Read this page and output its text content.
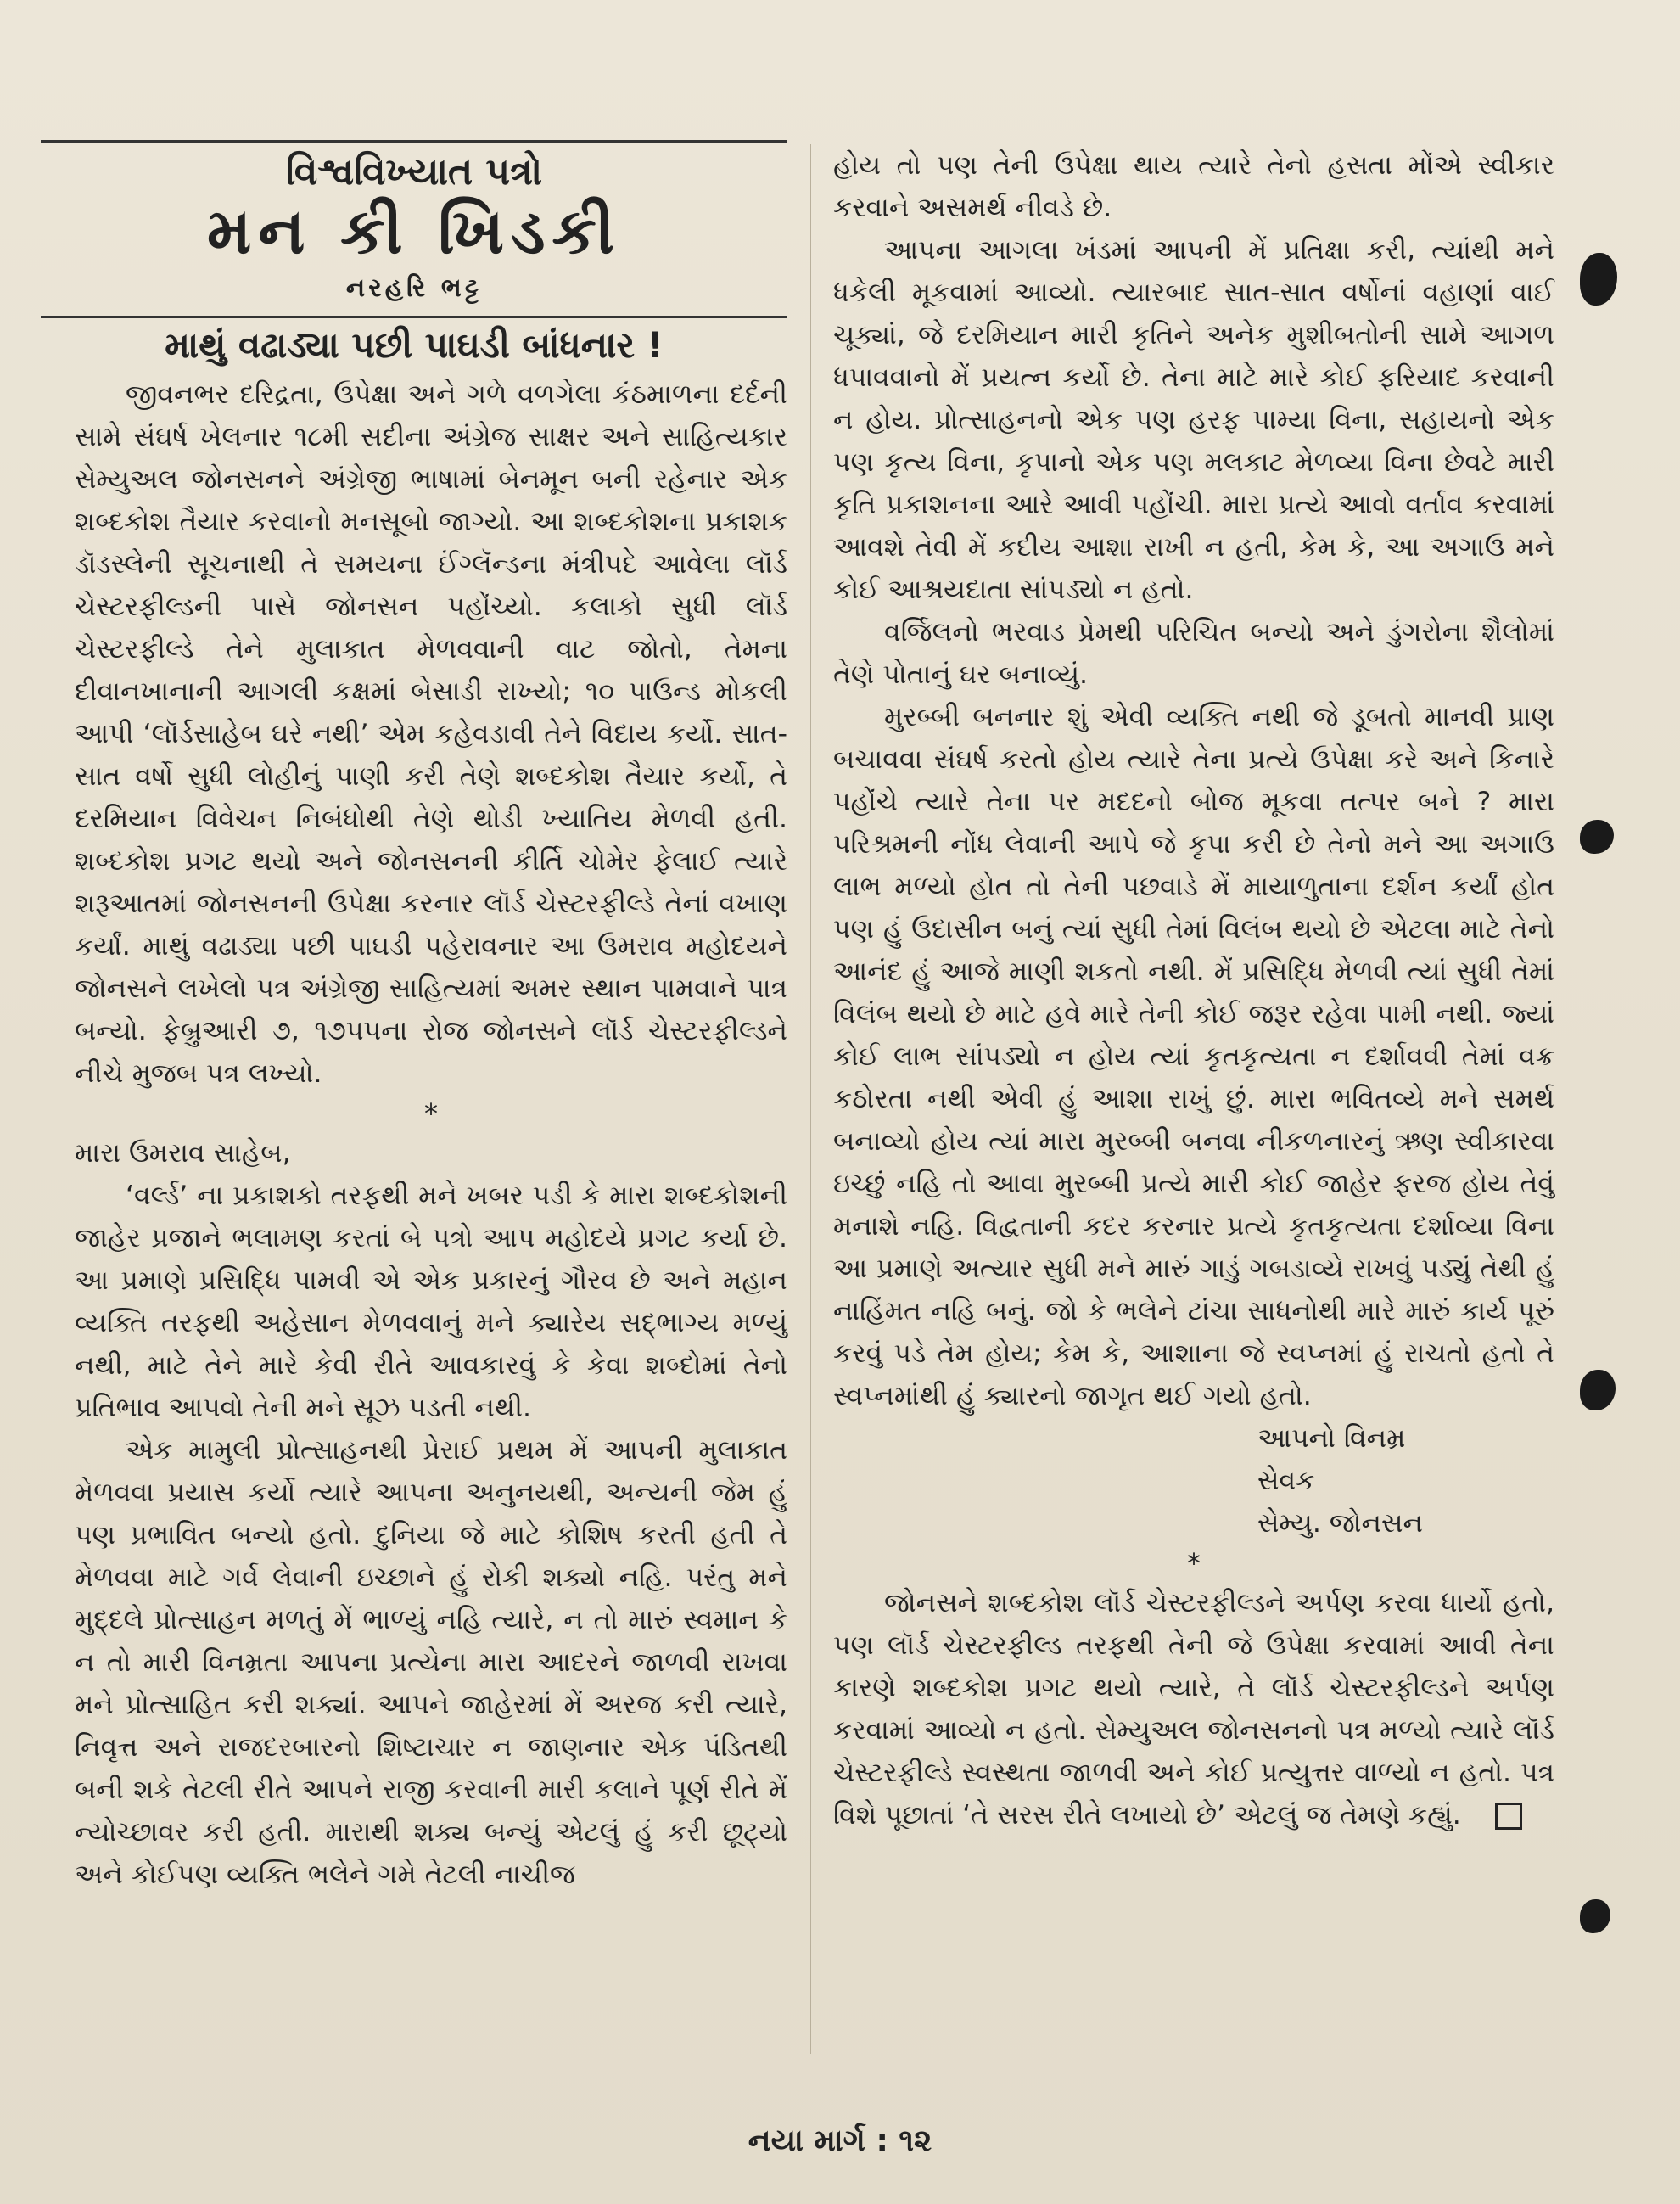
વિશ્વવિખ્યાત પત્રો
મન કી ખિડકી
નરહરિ ભટ્ટ
માથું વઢાડ્યા પછી પાઘડી બાંધનાર !

જીવનભર દરિદ્રતા, ઉપેક્ષા અને ગળે વળગેલા કંઠમાળના દર્દની સામે સંઘર્ષ ખેલનાર ૧૮મી સદીના અંગ્રેજ સાક્ષર અને સાહિત્યકાર સેમ્યુઅલ જોનસનને અંગ્રેજી ભાષામાં બેનમૂન બની રહેનાર એક શબ્દકોશ તૈયાર કરવાનો મનસૂબો જાગ્યો. આ શબ્દકોશના પ્રકાશક ડૉડસ્લેની સૂચનાથી તે સમયના ઈંગ્લૅન્ડના મંત્રીપદે આવેલા લૉર્ડ ચેસ્ટરફીલ્ડની પાસે જોનસન પહોંચ્યો. કલાકો સુધી લૉર્ડ ચેસ્ટરફીલ્ડે તેને મુલાકાત મેળવવાની વાટ જોતો, તેમના દીવાનખાનાની આગલી કક્ષમાં બેસાડી રાખ્યો; ૧૦ પાઉન્ડ મોકલી આપી ‘લૉર્ડસાહેબ ઘરે નથી’ એમ કહેવડાવી તેને વિદાય કર્યો. સાત-સાત વર્ષો સુધી લોહીનું પાણી કરી તેણે શબ્દકોશ તૈયાર કર્યો, તે દરમિયાન વિવેચન નિબંધોથી તેણે થોડી ખ્યાતિય મેળવી હતી. શબ્દકોશ પ્રગટ થયો અને જોનસનની કીર્તિ ચોમેર ફેલાઈ ત્યારે શરૂઆતમાં જોનસનની ઉપેક્ષા કરનાર લૉર્ડ ચેસ્ટરફીલ્ડે તેનાં વખાણ કર્યાં. માથું વઢાડ્યા પછી પાઘડી પહેરાવનાર આ ઉમરાવ મહોદયને જોનસને લખેલો પત્ર અંગ્રેજી સાહિત્યમાં અમર સ્થાન પામવાને પાત્ર બન્યો. ફેબ્રુઆરી ૭, ૧૭૫૫ના રોજ જોનસને લૉર્ડ ચેસ્ટરફીલ્ડને નીચે મુજબ પત્ર લખ્યો.

*

મારા ઉમરાવ સાહેબ,

‘વર્લ્ડ’ ના પ્રકાશકો તરફથી મને ખબર પડી કે મારા શબ્દકોશની જાહેર પ્રજાને ભલામણ કરતાં બે પત્રો આપ મહોદયે પ્રગટ કર્યા છે. આ પ્રમાણે પ્રસિદ્ધિ પામવી એ એક પ્રકારનું ગૌરવ છે અને મહાન વ્યક્તિ તરફથી અહેસાન મેળવવાનું મને ક્યારેય સદ્ભાગ્ય મળ્યું નથી, માટે તેને મારે કેવી રીતે આવકારવું કે કેવા શબ્દોમાં તેનો પ્રતિભાવ આપવો તેની મને સૂઝ પડતી નથી.

એક મામુલી પ્રોત્સાહનથી પ્રેરાઈ પ્રથમ મેં આપની મુલાકાત મેળવવા પ્રયાસ કર્યો ત્યારે આપના અનુનયથી, અન્યની જેમ હું પણ પ્રભાવિત બન્યો હતો. દુનિયા જે માટે કોશિષ કરતી હતી તે મેળવવા માટે ગર્વ લેવાની ઇચ્છાને હું રોકી શક્યો નહિ. પરંતુ મને મુદ્દલે પ્રોત્સાહન મળતું મેં ભાળ્યું નહિ ત્યારે, ન તો મારું સ્વમાન કે ન તો મારી વિનમ્રતા આપના પ્રત્યેના મારા આદરને જાળવી રાખવા મને પ્રોત્સાહિત કરી શક્યાં. આપને જાહેરમાં મેં અરજ કરી ત્યારે, નિવૃત્ત અને રાજદરબારનો શિષ્ટાચાર ન જાણનાર એક પંડિતથી બની શકે તેટલી રીતે આપને રાજી કરવાની મારી કલાને પૂર્ણ રીતે મેં ન્યોચ્છાવર કરી હતી. મારાથી શક્ય બન્યું એટલું હું કરી છૂટ્યો અને કોઈપણ વ્યક્તિ ભલેને ગમે તેટલી નાચીજ

હોય તો પણ તેની ઉપેક્ષા થાય ત્યારે તેનો હસતા મોંએ સ્વીકાર કરવાને અસમર્થ નીવડે છે.

આપના આગલા ખંડમાં આપની મેં પ્રતિક્ષા કરી, ત્યાંથી મને ધકેલી મૂકવામાં આવ્યો. ત્યારબાદ સાત-સાત વર્ષોનાં વહાણાં વાઈ ચૂક્યાં, જે દરમિયાન મારી કૃતિને અનેક મુશીબતોની સામે આગળ ધપાવવાનો મેં પ્રયત્ન કર્યો છે. તેના માટે મારે કોઈ ફરિયાદ કરવાની ન હોય. પ્રોત્સાહનનો એક પણ હરફ પામ્યા વિના, સહાયનો એક પણ કૃત્ય વિના, કૃપાનો એક પણ મલકાટ મેળવ્યા વિના છેવટે મારી કૃતિ પ્રકાશનના આરે આવી પહોંચી. મારા પ્રત્યે આવો વર્તાવ કરવામાં આવશે તેવી મેં કદીય આશા રાખી ન હતી, કેમ કે, આ અગાઉ મને કોઈ આશ્રયદાતા સાંપડ્યો ન હતો.

વર્જિલનો ભરવાડ પ્રેમથી પરિચિત બન્યો અને ડુંગરોના શૈલોમાં તેણે પોતાનું ઘર બનાવ્યું.

મુરબ્બી બનનાર શું એવી વ્યક્તિ નથી જે ડૂબતો માનવી પ્રાણ બચાવવા સંઘર્ષ કરતો હોય ત્યારે તેના પ્રત્યે ઉપેક્ષા કરે અને કિનારે પહોંચે ત્યારે તેના પર મદદનો બોજ મૂકવા તત્પર બને ? મારા પરિશ્રમની નોંધ લેવાની આપે જે કૃપા કરી છે તેનો મને આ અગાઉ લાભ મળ્યો હોત તો તેની પછવાડે મેં માયાળુતાના દર્શન કર્યાં હોત પણ હું ઉદાસીન બનું ત્યાં સુધી તેમાં વિલંબ થયો છે એટલા માટે તેનો આનંદ હું આજે માણી શકતો નથી. મેં પ્રસિદ્ધિ મેળવી ત્યાં સુધી તેમાં વિલંબ થયો છે માટે હવે મારે તેની કોઈ જરૂર રહેવા પામી નથી. જ્યાં કોઈ લાભ સાંપડ્યો ન હોય ત્યાં કૃતકૃત્યતા ન દર્શાવવી તેમાં વક્ર કઠોરતા નથી એવી હું આશા રાખું છું. મારા ભવિતવ્યે મને સમર્થ બનાવ્યો હોય ત્યાં મારા મુરબ્બી બનવા નીકળનારનું ઋણ સ્વીકારવા ઇચ્છું નહિ તો આવા મુરબ્બી પ્રત્યે મારી કોઈ જાહેર ફરજ હોય તેવું મનાશે નહિ. વિદ્વતાની કદર કરનાર પ્રત્યે કૃતકૃત્યતા દર્શાવ્યા વિના આ પ્રમાણે અત્યાર સુધી મને મારું ગાડું ગબડાવ્યે રાખવું પડ્યું તેથી હું નાહિંમત નહિ બનું. જો કે ભલેને ટાંચા સાધનોથી મારે મારું કાર્ય પૂરું કરવું પડે તેમ હોય; કેમ કે, આશાના જે સ્વપ્નમાં હું રાચતો હતો તે સ્વપ્નમાંથી હું ક્યારનો જાગૃત થઈ ગયો હતો.

આપનો વિનમ્ર
સેવક
સેમ્યુ. જોનસન
*

જોનસને શબ્દકોશ લૉર્ડ ચેસ્ટરફીલ્ડને અર્પણ કરવા ધાર્યો હતો, પણ લૉર્ડ ચેસ્ટરફીલ્ડ તરફથી તેની જે ઉપેક્ષા કરવામાં આવી તેના કારણે શબ્દકોશ પ્રગટ થયો ત્યારે, તે લૉર્ડ ચેસ્ટરફીલ્ડને અર્પણ કરવામાં આવ્યો ન હતો. સેમ્યુઅલ જોનસનનો પત્ર મળ્યો ત્યારે લૉર્ડ ચેસ્ટરફીલ્ડે સ્વસ્થતા જાળવી અને કોઈ પ્રત્યુત્તર વાળ્યો ન હતો. પત્ર વિશે પૂછાતાં ‘તે સરસ રીતે લખાયો છે’ એટલું જ તેમણે કહ્યું.

નયા માર્ગ : ૧૨
